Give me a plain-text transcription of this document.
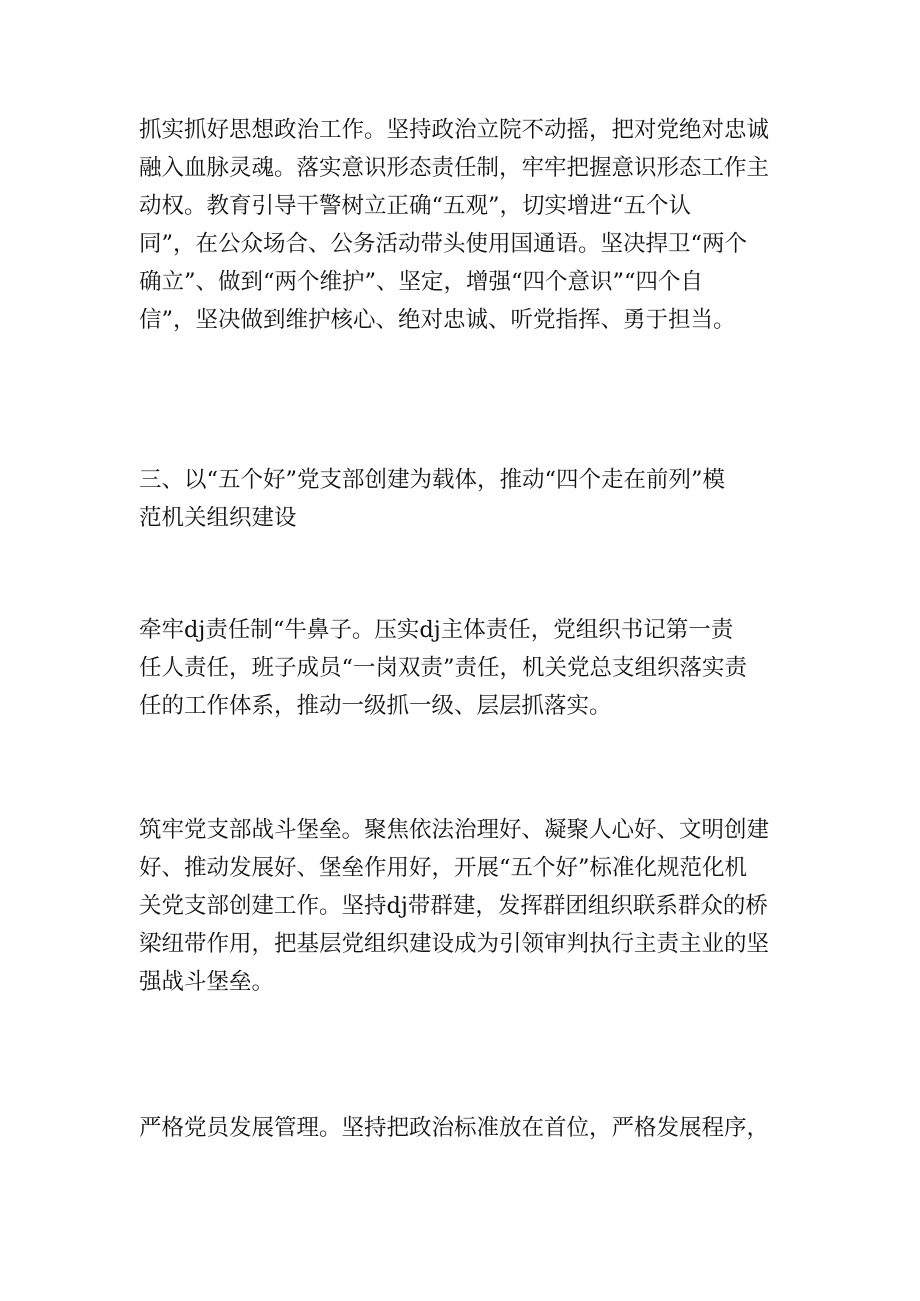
抓实抓好思想政治工作。坚持政治立院不动摇，把对党绝对忠诚
融入血脉灵魂。落实意识形态责任制，牢牢把握意识形态工作主
动权。教育引导干警树立正确“五观”，切实增进“五个认
同”，在公众场合、公务活动带头使用国通语。坚决捍卫“两个
确立”、做到“两个维护”、坚定，增强“四个意识”“四个自
信”，坚决做到维护核心、绝对忠诚、听党指挥、勇于担当。
三、以“五个好”党支部创建为载体，推动“四个走在前列”模
范机关组织建设
牵牢dj责任制“牛鼻子。压实dj主体责任，党组织书记第一责
任人责任，班子成员“一岗双责”责任，机关党总支组织落实责
任的工作体系，推动一级抓一级、层层抓落实。
筑牢党支部战斗堡垒。聚焦依法治理好、凝聚人心好、文明创建
好、推动发展好、堡垒作用好，开展“五个好”标准化规范化机
关党支部创建工作。坚持dj带群建，发挥群团组织联系群众的桥
梁纽带作用，把基层党组织建设成为引领审判执行主责主业的坚
强战斗堡垒。
严格党员发展管理。坚持把政治标准放在首位，严格发展程序，
